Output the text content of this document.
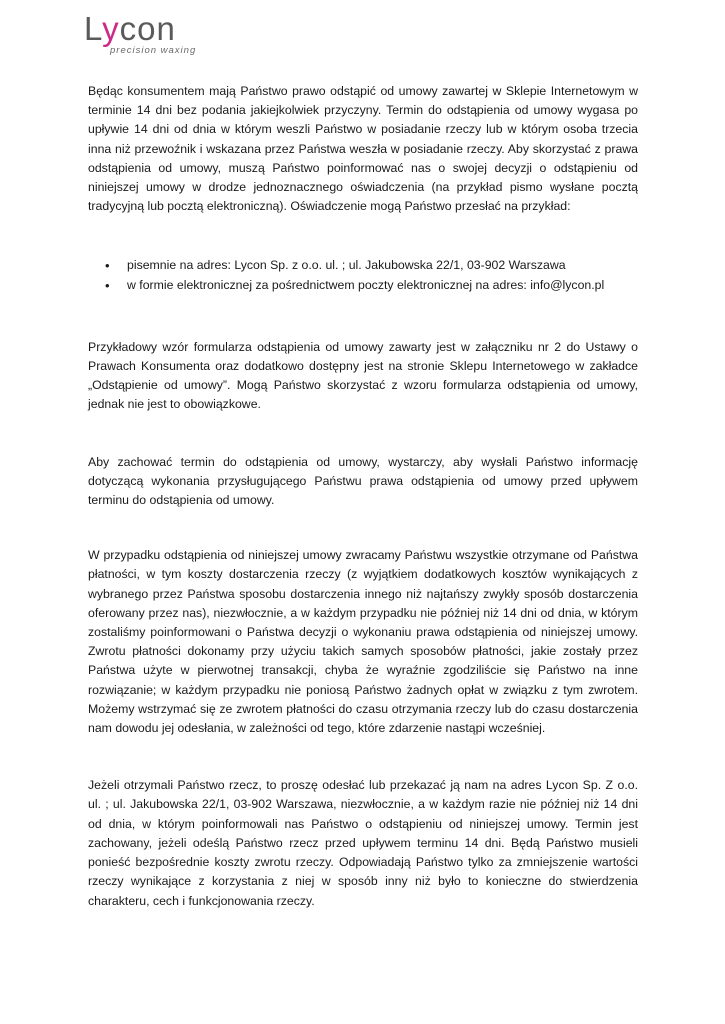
Lycon
precision waxing

Będąc konsumentem mają Państwo prawo odstąpić od umowy zawartej w Sklepie Internetowym w terminie 14 dni bez podania jakiejkolwiek przyczyny. Termin do odstąpienia od umowy wygasa po upływie 14 dni od dnia w którym weszli Państwo w posiadanie rzeczy lub w którym osoba trzecia inna niż przewoźnik i wskazana przez Państwa weszła w posiadanie rzeczy. Aby skorzystać z prawa odstąpienia od umowy, muszą Państwo poinformować nas o swojej decyzji o odstąpieniu od niniejszej umowy w drodze jednoznacznego oświadczenia (na przykład pismo wysłane pocztą tradycyjną lub pocztą elektroniczną). Oświadczenie mogą Państwo przesłać na przykład:

• pisemnie na adres: Lycon Sp. z o.o. ul. ; ul. Jakubowska 22/1, 03-902 Warszawa
• w formie elektronicznej za pośrednictwem poczty elektronicznej na adres: info@lycon.pl

Przykładowy wzór formularza odstąpienia od umowy zawarty jest w załączniku nr 2 do Ustawy o Prawach Konsumenta oraz dodatkowo dostępny jest na stronie Sklepu Internetowego w zakładce „Odstąpienie od umowy”. Mogą Państwo skorzystać z wzoru formularza odstąpienia od umowy, jednak nie jest to obowiązkowe.

Aby zachować termin do odstąpienia od umowy, wystarczy, aby wysłali Państwo informację dotyczącą wykonania przysługującego Państwu prawa odstąpienia od umowy przed upływem terminu do odstąpienia od umowy.

W przypadku odstąpienia od niniejszej umowy zwracamy Państwu wszystkie otrzymane od Państwa płatności, w tym koszty dostarczenia rzeczy (z wyjątkiem dodatkowych kosztów wynikających z wybranego przez Państwa sposobu dostarczenia innego niż najtańszy zwykły sposób dostarczenia oferowany przez nas), niezwłocznie, a w każdym przypadku nie później niż 14 dni od dnia, w którym zostaliśmy poinformowani o Państwa decyzji o wykonaniu prawa odstąpienia od niniejszej umowy. Zwrotu płatności dokonamy przy użyciu takich samych sposobów płatności, jakie zostały przez Państwa użyte w pierwotnej transakcji, chyba że wyraźnie zgodziliście się Państwo na inne rozwiązanie; w każdym przypadku nie poniosą Państwo żadnych opłat w związku z tym zwrotem. Możemy wstrzymać się ze zwrotem płatności do czasu otrzymania rzeczy lub do czasu dostarczenia nam dowodu jej odesłania, w zależności od tego, które zdarzenie nastąpi wcześniej.

Jeżeli otrzymali Państwo rzecz, to proszę odesłać lub przekazać ją nam na adres Lycon Sp. Z o.o. ul. ; ul. Jakubowska 22/1, 03-902 Warszawa, niezwłocznie, a w każdym razie nie później niż 14 dni od dnia, w którym poinformowali nas Państwo o odstąpieniu od niniejszej umowy. Termin jest zachowany, jeżeli odeślą Państwo rzecz przed upływem terminu 14 dni. Będą Państwo musieli ponieść bezpośrednie koszty zwrotu rzeczy. Odpowiadają Państwo tylko za zmniejszenie wartości rzeczy wynikające z korzystania z niej w sposób inny niż było to konieczne do stwierdzenia charakteru, cech i funkcjonowania rzeczy.
